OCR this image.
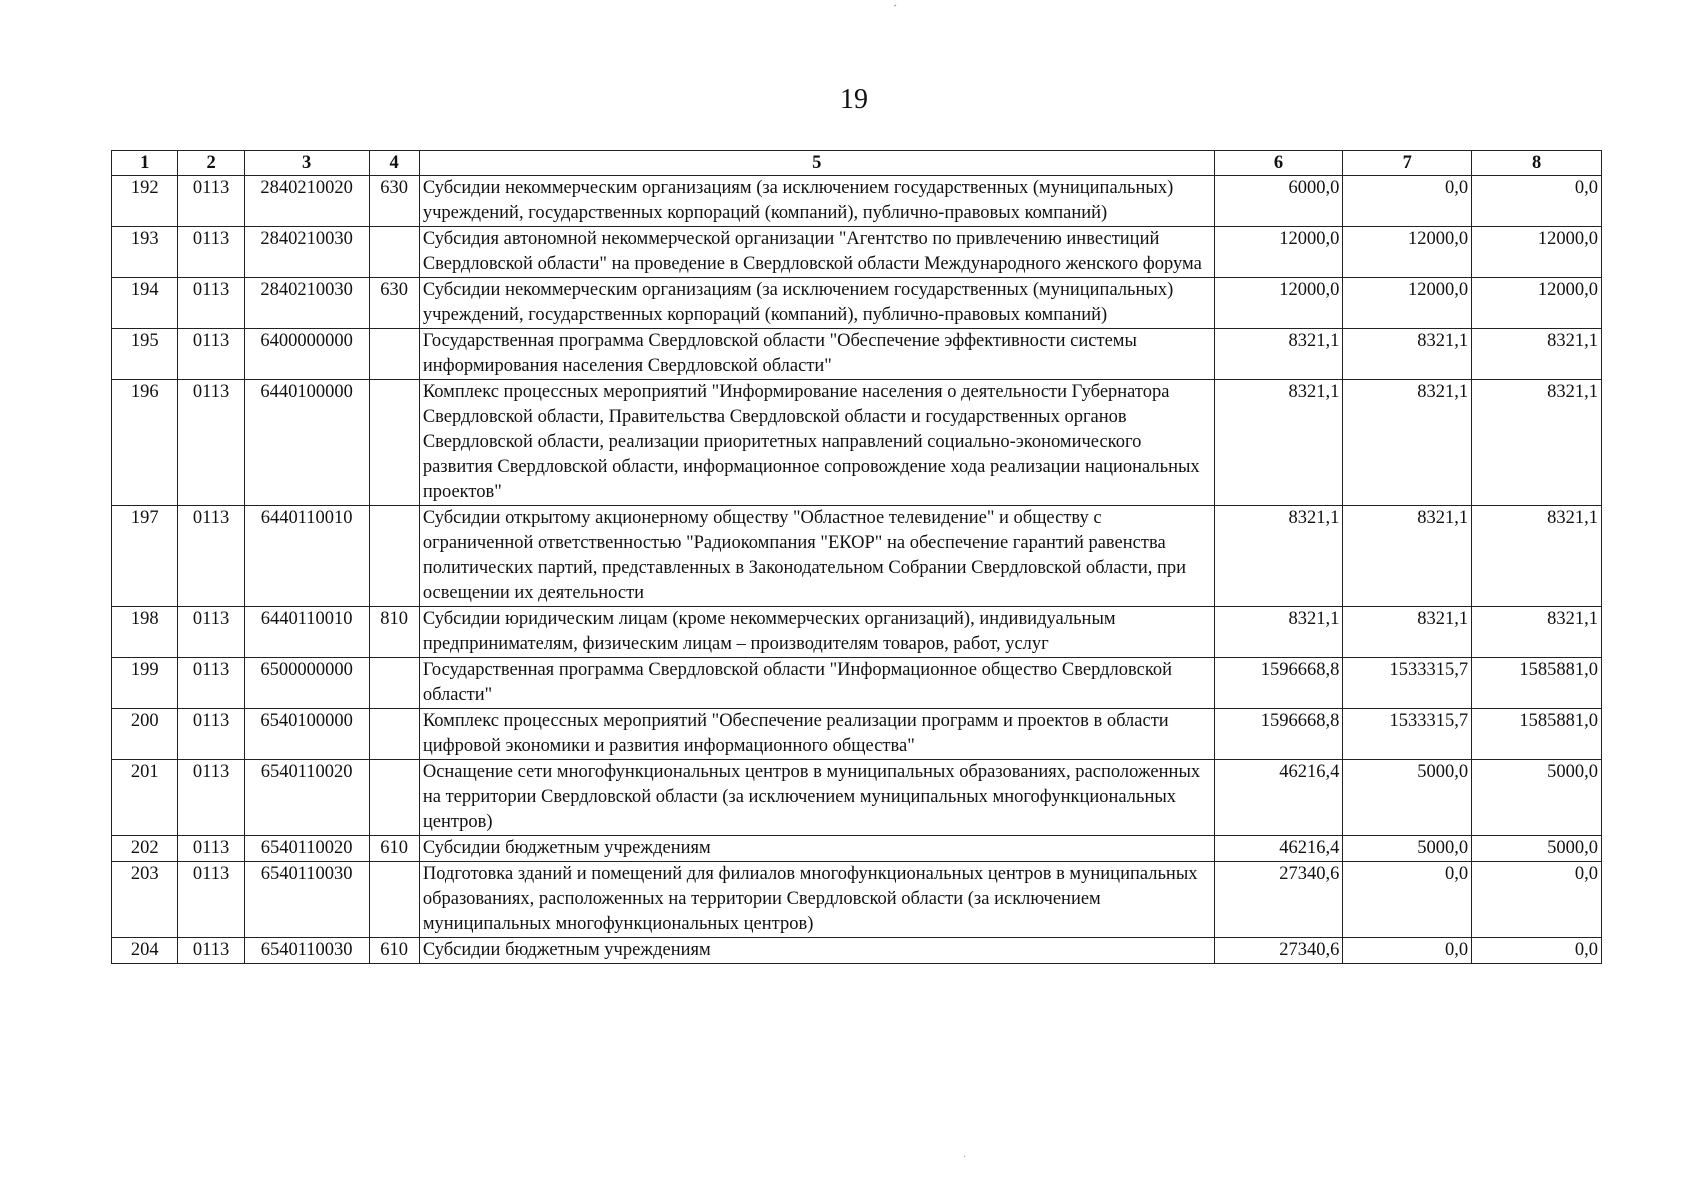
´
19
1	2	3	4	5	6	7	8
192	0113	2840210020	630	Субсидии некоммерческим организациям (за исключением государственных (муниципальных) учреждений, государственных корпораций (компаний), публично-правовых компаний)	6000,0	0,0	0,0
193	0113	2840210030		Субсидия автономной некоммерческой организации "Агентство по привлечению инвестиций Свердловской области" на проведение в Свердловской области Международного женского форума	12000,0	12000,0	12000,0
194	0113	2840210030	630	Субсидии некоммерческим организациям (за исключением государственных (муниципальных) учреждений, государственных корпораций (компаний), публично-правовых компаний)	12000,0	12000,0	12000,0
195	0113	6400000000		Государственная программа Свердловской области "Обеспечение эффективности системы информирования населения Свердловской области"	8321,1	8321,1	8321,1
196	0113	6440100000		Комплекс процессных мероприятий "Информирование населения о деятельности Губернатора Свердловской области, Правительства Свердловской области и государственных органов Свердловской области, реализации приоритетных направлений социально-экономического развития Свердловской области, информационное сопровождение хода реализации национальных проектов"	8321,1	8321,1	8321,1
197	0113	6440110010		Субсидии открытому акционерному обществу "Областное телевидение" и обществу с ограниченной ответственностью "Радиокомпания "ЕКОР" на обеспечение гарантий равенства политических партий, представленных в Законодательном Собрании Свердловской области, при освещении их деятельности	8321,1	8321,1	8321,1
198	0113	6440110010	810	Субсидии юридическим лицам (кроме некоммерческих организаций), индивидуальным предпринимателям, физическим лицам – производителям товаров, работ, услуг	8321,1	8321,1	8321,1
199	0113	6500000000		Государственная программа Свердловской области "Информационное общество Свердловской области"	1596668,8	1533315,7	1585881,0
200	0113	6540100000		Комплекс процессных мероприятий "Обеспечение реализации программ и проектов в области цифровой экономики и развития информационного общества"	1596668,8	1533315,7	1585881,0
201	0113	6540110020		Оснащение сети многофункциональных центров в муниципальных образованиях, расположенных на территории Свердловской области (за исключением муниципальных многофункциональных центров)	46216,4	5000,0	5000,0
202	0113	6540110020	610	Субсидии бюджетным учреждениям	46216,4	5000,0	5000,0
203	0113	6540110030		Подготовка зданий и помещений для филиалов многофункциональных центров в муниципальных образованиях, расположенных на территории Свердловской области (за исключением муниципальных многофункциональных центров)	27340,6	0,0	0,0
204	0113	6540110030	610	Субсидии бюджетным учреждениям	27340,6	0,0	0,0
·
